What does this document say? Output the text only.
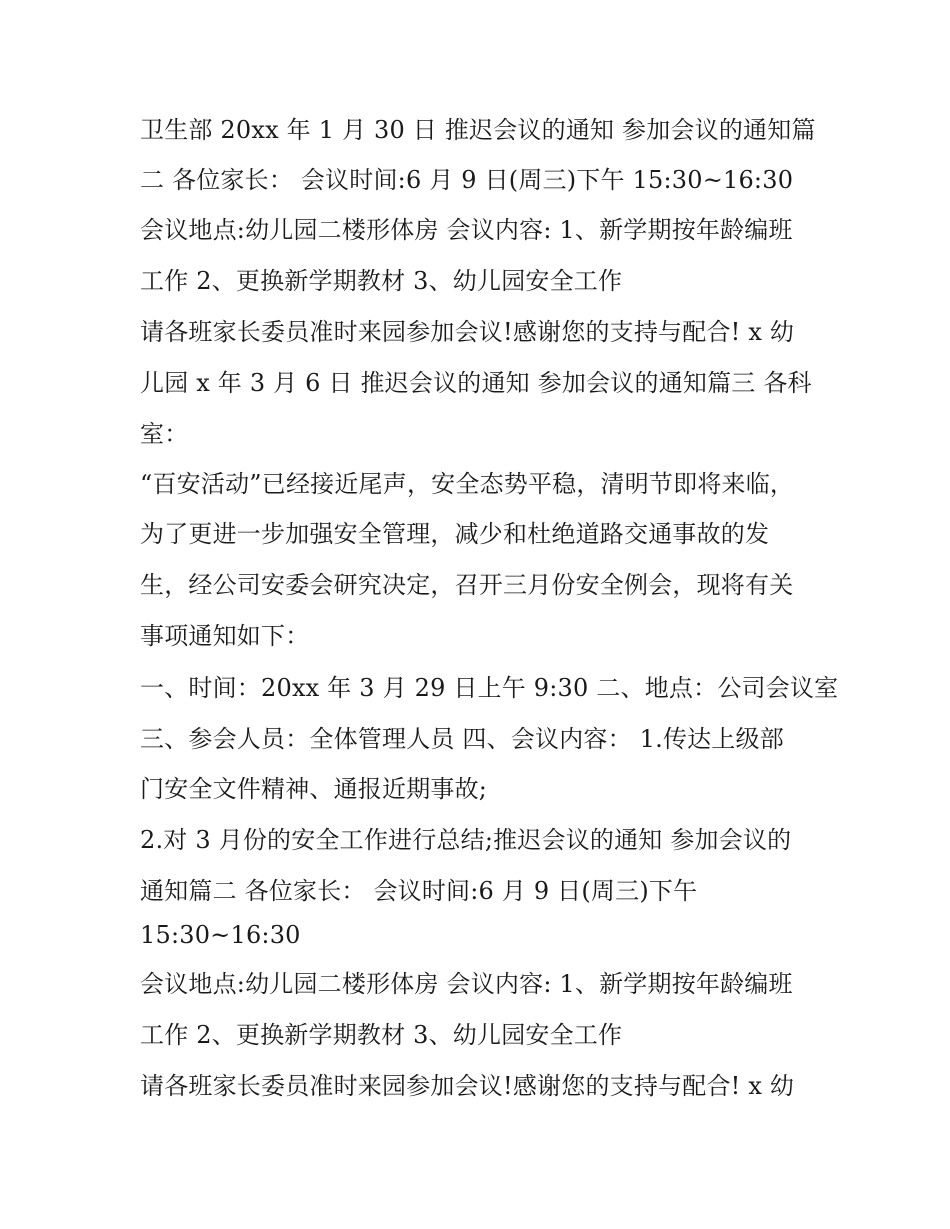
卫生部 20xx 年 1 月 30 日 推迟会议的通知 参加会议的通知篇
二 各位家长： 会议时间:6 月 9 日(周三)下午 15:30~16:30
会议地点:幼儿园二楼形体房 会议内容: 1、新学期按年龄编班
工作 2、更换新学期教材 3、幼儿园安全工作
请各班家长委员准时来园参加会议!感谢您的支持与配合! x 幼
儿园 x 年 3 月 6 日 推迟会议的通知 参加会议的通知篇三 各科
室：
“百安活动”已经接近尾声，安全态势平稳，清明节即将来临，
为了更进一步加强安全管理，减少和杜绝道路交通事故的发
生，经公司安委会研究决定，召开三月份安全例会，现将有关
事项通知如下：
一、时间：20xx 年 3 月 29 日上午 9:30 二、地点：公司会议室
三、参会人员：全体管理人员 四、会议内容： 1.传达上级部
门安全文件精神、通报近期事故;
2.对 3 月份的安全工作进行总结;推迟会议的通知 参加会议的
通知篇二 各位家长： 会议时间:6 月 9 日(周三)下午
15:30~16:30
会议地点:幼儿园二楼形体房 会议内容: 1、新学期按年龄编班
工作 2、更换新学期教材 3、幼儿园安全工作
请各班家长委员准时来园参加会议!感谢您的支持与配合! x 幼
